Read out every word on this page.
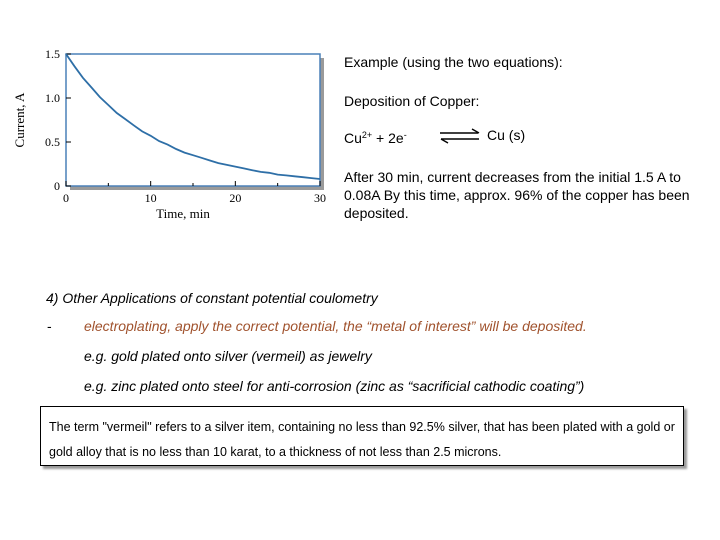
0
0.5
1.0
1.5
0	10	20	30
Time, min
Current, A
Example (using the two equations):
Deposition of Copper:
$Cu^{2+} + 2e^-$ ⇌ Cu (s)
After 30 min, current decreases from the initial 1.5 A to 0.08A By this time, approx. 96% of the copper has been deposited.
4) Other Applications of constant potential coulometry
- electroplating, apply the correct potential, the “metal of interest” will be deposited.
e.g. gold plated onto silver (vermeil) as jewelry
e.g. zinc plated onto steel for anti-corrosion (zinc as “sacrificial cathodic coating”)
The term "vermeil" refers to a silver item, containing no less than 92.5% silver, that has been plated with a gold or gold alloy that is no less than 10 karat, to a thickness of not less than 2.5 microns.
